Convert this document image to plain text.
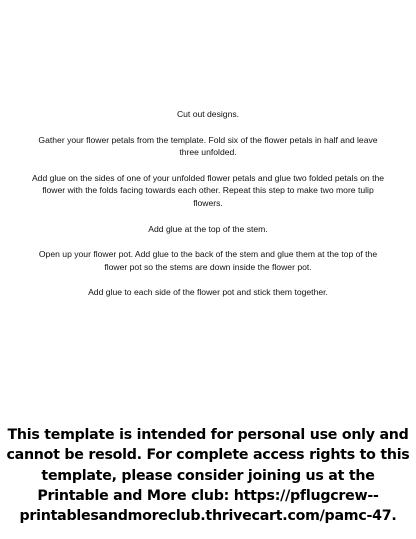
Cut out designs.

Gather your flower petals from the template. Fold six of the flower petals in half and leave three unfolded.

Add glue on the sides of one of your unfolded flower petals and glue two folded petals on the flower with the folds facing towards each other. Repeat this step to make two more tulip flowers.

Add glue at the top of the stem.

Open up your flower pot. Add glue to the back of the stem and glue them at the top of the flower pot so the stems are down inside the flower pot.

Add glue to each side of the flower pot and stick them together.

This template is intended for personal use only and cannot be resold. For complete access rights to this template, please consider joining us at the Printable and More club: https://pflugcrew--printablesandmoreclub.thrivecart.com/pamc-47.
